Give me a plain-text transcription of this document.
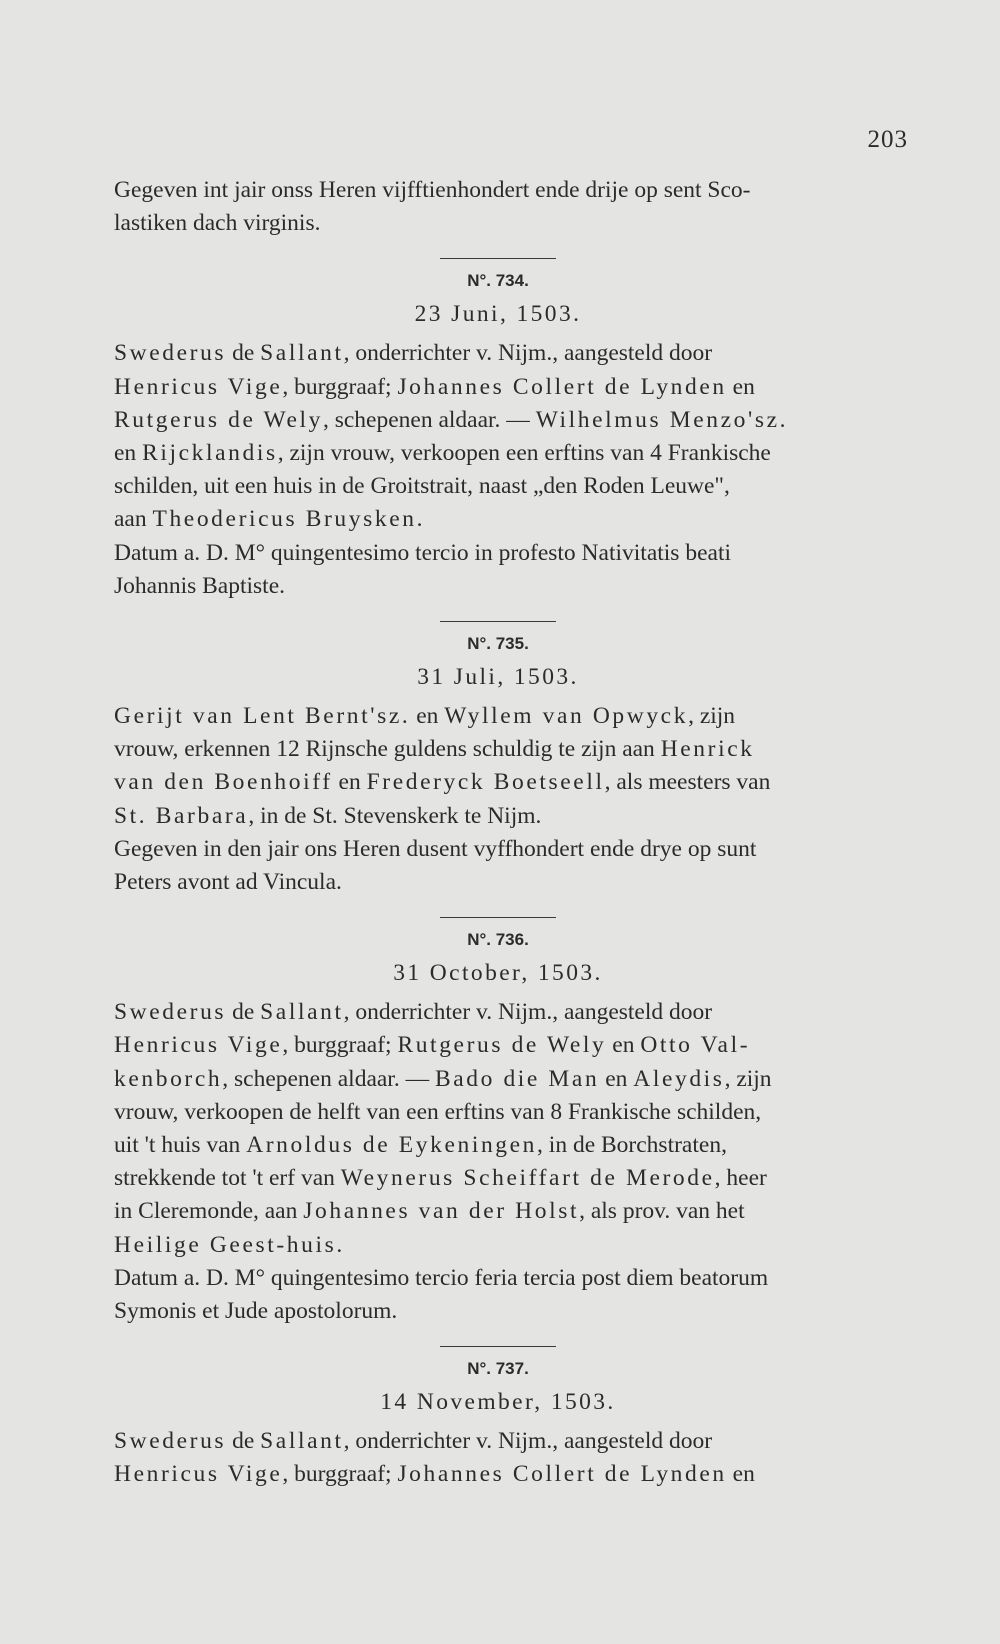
203
Gegeven int jair onss Heren vijfftienhondert ende drije op sent Sco-
lastiken dach virginis.
N°. 734.
23 Juni, 1503.
Swederus de Sallant, onderrichter v. Nijm., aangesteld door
Henricus Vige, burggraaf; Johannes Collert de Lynden en
Rutgerus de Wely, schepenen aldaar. — Wilhelmus Menzo'sz.
en Rijcklandis, zijn vrouw, verkoopen een erftins van 4 Frankische
schilden, uit een huis in de Groitstrait, naast „den Roden Leuwe",
aan Theodericus Bruysken.
Datum a. D. M° quingentesimo tercio in profesto Nativitatis beati
Johannis Baptiste.
N°. 735.
31 Juli, 1503.
Gerijt van Lent Bernt'sz. en Wyllem van Opwyck, zijn
vrouw, erkennen 12 Rijnsche guldens schuldig te zijn aan Henrick
van den Boenhoiff en Frederyck Boetseell, als meesters van
St. Barbara, in de St. Stevenskerk te Nijm.
Gegeven in den jair ons Heren dusent vyffhondert ende drye op sunt
Peters avont ad Vincula.
N°. 736.
31 October, 1503.
Swederus de Sallant, onderrichter v. Nijm., aangesteld door
Henricus Vige, burggraaf; Rutgerus de Wely en Otto Val-
kenborch, schepenen aldaar. — Bado die Man en Aleydis, zijn
vrouw, verkoopen de helft van een erftins van 8 Frankische schilden,
uit 't huis van Arnoldus de Eykeningen, in de Borchstraten,
strekkende tot 't erf van Weynerus Scheiffart de Merode, heer
in Cleremonde, aan Johannes van der Holst, als prov. van het
Heilige Geest-huis.
Datum a. D. M° quingentesimo tercio feria tercia post diem beatorum
Symonis et Jude apostolorum.
N°. 737.
14 November, 1503.
Swederus de Sallant, onderrichter v. Nijm., aangesteld door
Henricus Vige, burggraaf; Johannes Collert de Lynden en
